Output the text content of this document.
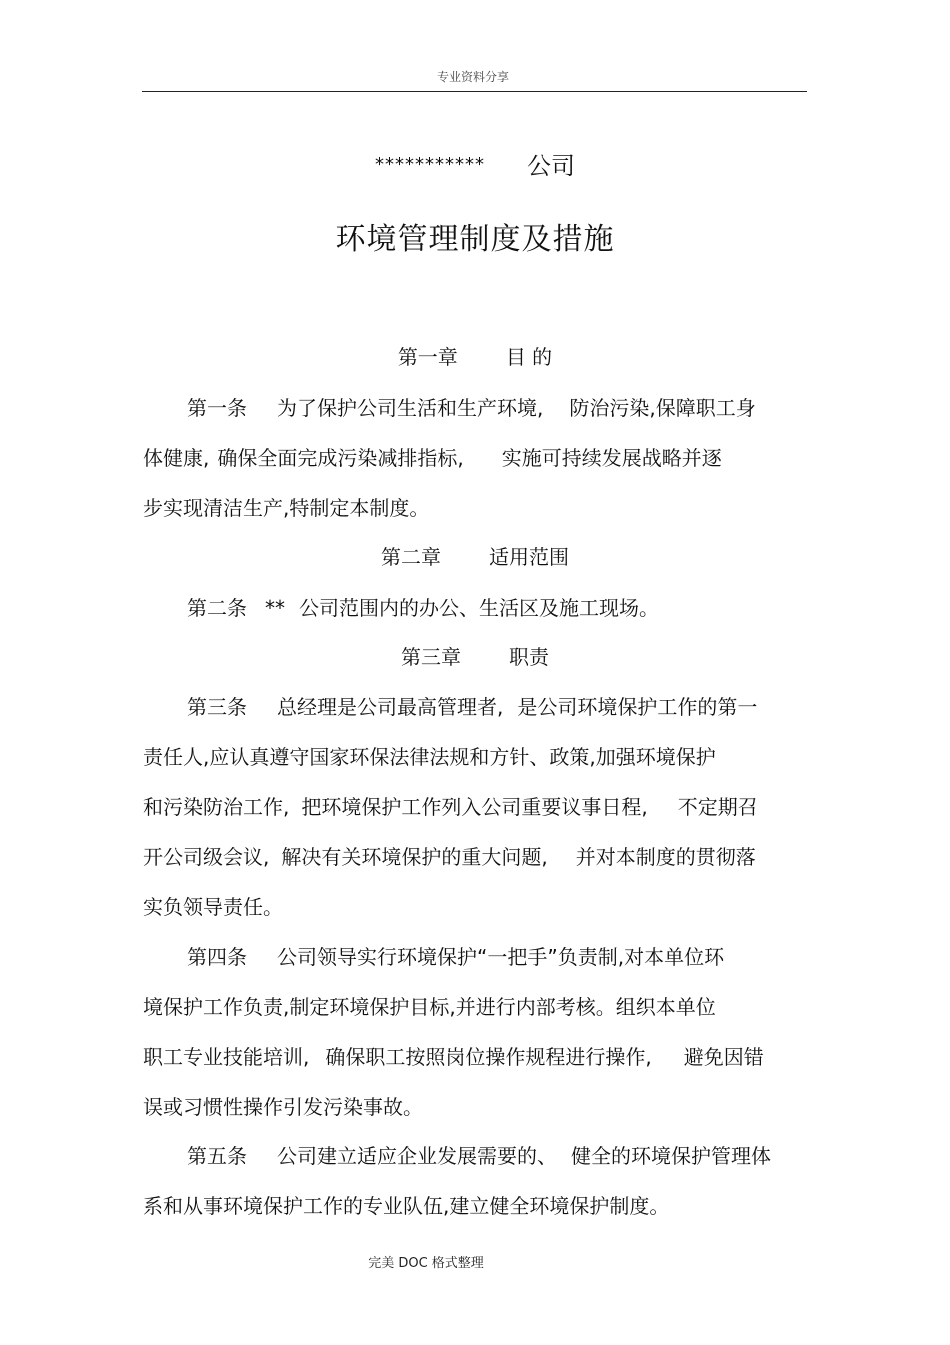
专业资料分享
*********** 公司
环境管理制度及措施
第一章 目 的
第一条 为了保护公司生活和生产环境, 防治污染,保障职工身
体健康, 确保全面完成污染减排指标, 实施可持续发展战略并逐
步实现清洁生产,特制定本制度。
第二章 适用范围
第二条 ** 公司范围内的办公、生活区及施工现场。
第三章 职责
第三条 总经理是公司最高管理者, 是公司环境保护工作的第一
责任人,应认真遵守国家环保法律法规和方针、政策,加强环境保护
和污染防治工作, 把环境保护工作列入公司重要议事日程, 不定期召
开公司级会议, 解决有关环境保护的重大问题, 并对本制度的贯彻落
实负领导责任。
第四条 公司领导实行环境保护“一把手”负责制,对本单位环
境保护工作负责,制定环境保护目标,并进行内部考核。组织本单位
职工专业技能培训, 确保职工按照岗位操作规程进行操作, 避免因错
误或习惯性操作引发污染事故。
第五条 公司建立适应企业发展需要的、 健全的环境保护管理体
系和从事环境保护工作的专业队伍,建立健全环境保护制度。
完美 DOC 格式整理
